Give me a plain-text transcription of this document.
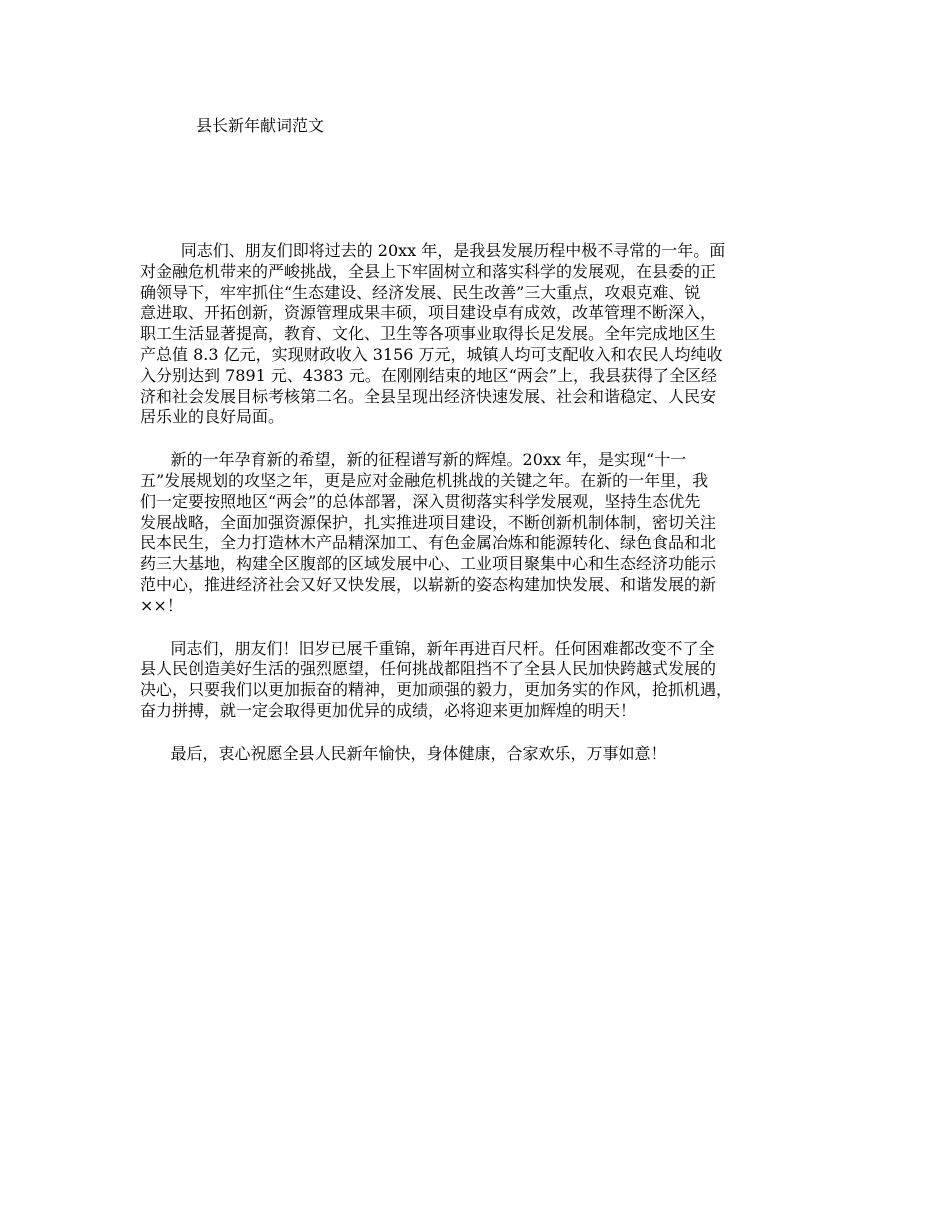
县长新年献词范文

同志们、朋友们即将过去的 20xx 年，是我县发展历程中极不寻常的一年。面
对金融危机带来的严峻挑战，全县上下牢固树立和落实科学的发展观，在县委的正
确领导下，牢牢抓住“生态建设、经济发展、民生改善”三大重点，攻艰克难、锐
意进取、开拓创新，资源管理成果丰硕，项目建设卓有成效，改革管理不断深入，
职工生活显著提高，教育、文化、卫生等各项事业取得长足发展。全年完成地区生
产总值 8.3 亿元，实现财政收入 3156 万元，城镇人均可支配收入和农民人均纯收
入分别达到 7891 元、4383 元。在刚刚结束的地区“两会”上，我县获得了全区经
济和社会发展目标考核第二名。全县呈现出经济快速发展、社会和谐稳定、人民安
居乐业的良好局面。

新的一年孕育新的希望，新的征程谱写新的辉煌。20xx 年，是实现“十一
五”发展规划的攻坚之年，更是应对金融危机挑战的关键之年。在新的一年里，我
们一定要按照地区“两会”的总体部署，深入贯彻落实科学发展观，坚持生态优先
发展战略，全面加强资源保护，扎实推进项目建设，不断创新机制体制，密切关注
民本民生，全力打造林木产品精深加工、有色金属冶炼和能源转化、绿色食品和北
药三大基地，构建全区腹部的区域发展中心、工业项目聚集中心和生态经济功能示
范中心，推进经济社会又好又快发展，以崭新的姿态构建加快发展、和谐发展的新
××！

同志们，朋友们！旧岁已展千重锦，新年再进百尺杆。任何困难都改变不了全
县人民创造美好生活的强烈愿望，任何挑战都阻挡不了全县人民加快跨越式发展的
决心，只要我们以更加振奋的精神，更加顽强的毅力，更加务实的作风，抢抓机遇，
奋力拼搏，就一定会取得更加优异的成绩，必将迎来更加辉煌的明天！

最后，衷心祝愿全县人民新年愉快，身体健康，合家欢乐，万事如意！
